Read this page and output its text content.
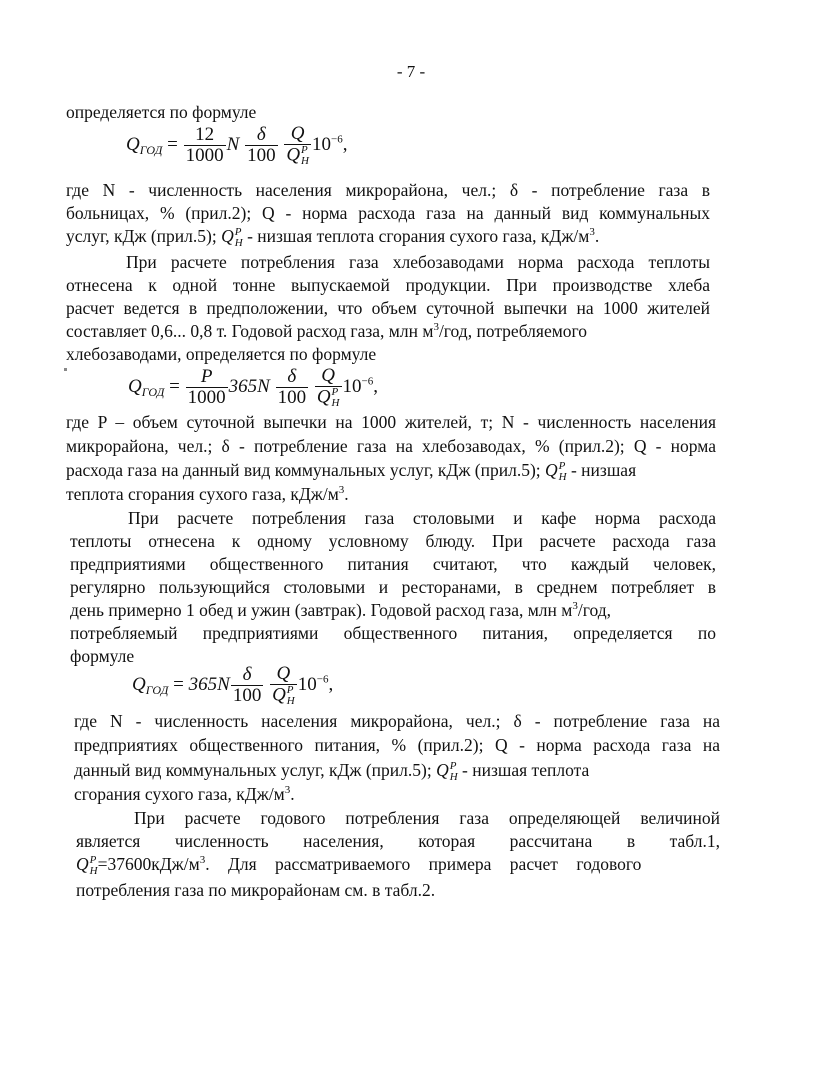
- 7 -
определяется по формуле
$Q_{ГОД} = \frac{12}{1000}$ N $\frac{\delta}{100}$
Q
Q P
Н $10^{-6}$,
где N - численность населения микрорайона, чел.; δ - потребление газа в
больницах, % (прил.2); Q - норма расхода газа на данный вид коммунальных
услуг, кДж (прил.5); Q P
Н - низшая теплота сгорания сухого газа, кДж/$м^3$.
При расчете потребления газа хлебозаводами норма расхода теплоты
отнесена к одной тонне выпускаемой продукции. При производстве хлеба
расчет ведется в предположении, что объем суточной выпечки на 1000 жителей
составляет 0,6... 0,8 т. Годовой расход газа, млн $м^3$/год, потребляемого
хлебозаводами, определяется по формуле
$Q_{ГОД} = \frac{P}{1000} 365N \frac{\delta}{100}$
Q
Q P
Н $10^{-6}$,
где P – объем суточной выпечки на 1000 жителей, т; N - численность населения
микрорайона, чел.; δ - потребление газа на хлебозаводах, % (прил.2); Q - норма
расхода газа на данный вид коммунальных услуг, кДж (прил.5); Q P
Н - низшая
теплота сгорания сухого газа, кДж/$м^3$.
При расчете потребления газа столовыми и кафе норма расхода
теплоты отнесена к одному условному блюду. При расчете расхода газа
предприятиями общественного питания считают, что каждый человек,
регулярно пользующийся столовыми и ресторанами, в среднем потребляет в
день примерно 1 обед и ужин (завтрак). Годовой расход газа, млн $м^3$/год,
потребляемый предприятиями общественного питания, определяется по
формуле
$Q_{ГОД} = 365N \frac{\delta}{100}$
Q
Q P
Н $10^{-6}$,
где N - численность населения микрорайона, чел.; δ - потребление газа на
предприятиях общественного питания, % (прил.2); Q - норма расхода газа на
данный вид коммунальных услуг, кДж (прил.5); Q P
Н - низшая теплота
сгорания сухого газа, кДж/$м^3$.
При расчете годового потребления газа определяющей величиной
является численность населения, которая рассчитана в табл.1,
Q P
$Н =37600кДж/м^3$. Для рассматриваемого примера расчет годового
потребления газа по микрорайонам см. в табл.2.
